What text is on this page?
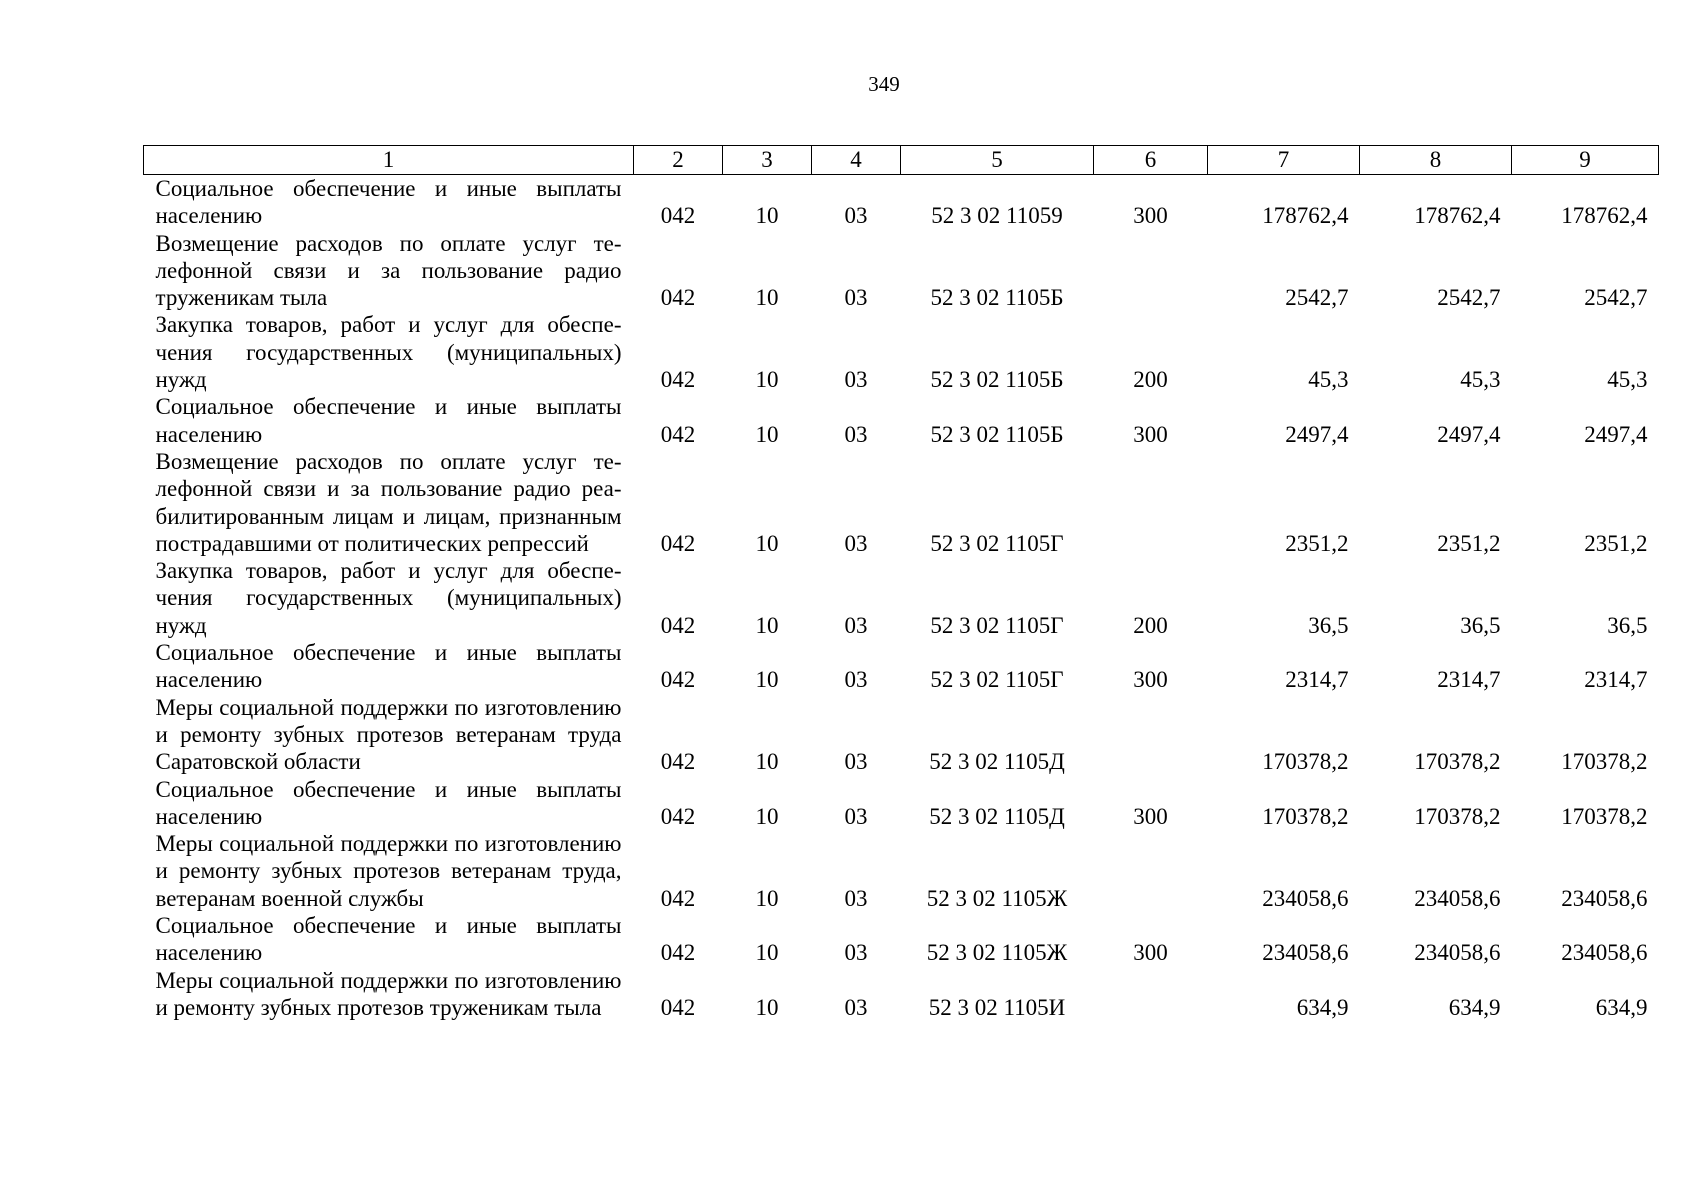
349
1	2	3	4	5	6	7	8	9
Социальное обеспечение и иные выплаты населению	042	10	03	52 3 02 11059	300	178762,4	178762,4	178762,4
Возмещение расходов по оплате услуг телефонной связи и за пользование радио труженикам тыла	042	10	03	52 3 02 1105Б		2542,7	2542,7	2542,7
Закупка товаров, работ и услуг для обеспечения государственных (муниципальных) нужд	042	10	03	52 3 02 1105Б	200	45,3	45,3	45,3
Социальное обеспечение и иные выплаты населению	042	10	03	52 3 02 1105Б	300	2497,4	2497,4	2497,4
Возмещение расходов по оплате услуг телефонной связи и за пользование радио реабилитированным лицам и лицам, признанным пострадавшими от политических репрессий	042	10	03	52 3 02 1105Г		2351,2	2351,2	2351,2
Закупка товаров, работ и услуг для обеспечения государственных (муниципальных) нужд	042	10	03	52 3 02 1105Г	200	36,5	36,5	36,5
Социальное обеспечение и иные выплаты населению	042	10	03	52 3 02 1105Г	300	2314,7	2314,7	2314,7
Меры социальной поддержки по изготовлению и ремонту зубных протезов ветеранам труда Саратовской области	042	10	03	52 3 02 1105Д		170378,2	170378,2	170378,2
Социальное обеспечение и иные выплаты населению	042	10	03	52 3 02 1105Д	300	170378,2	170378,2	170378,2
Меры социальной поддержки по изготовлению и ремонту зубных протезов ветеранам труда, ветеранам военной службы	042	10	03	52 3 02 1105Ж		234058,6	234058,6	234058,6
Социальное обеспечение и иные выплаты населению	042	10	03	52 3 02 1105Ж	300	234058,6	234058,6	234058,6
Меры социальной поддержки по изготовлению и ремонту зубных протезов труженикам тыла	042	10	03	52 3 02 1105И		634,9	634,9	634,9
